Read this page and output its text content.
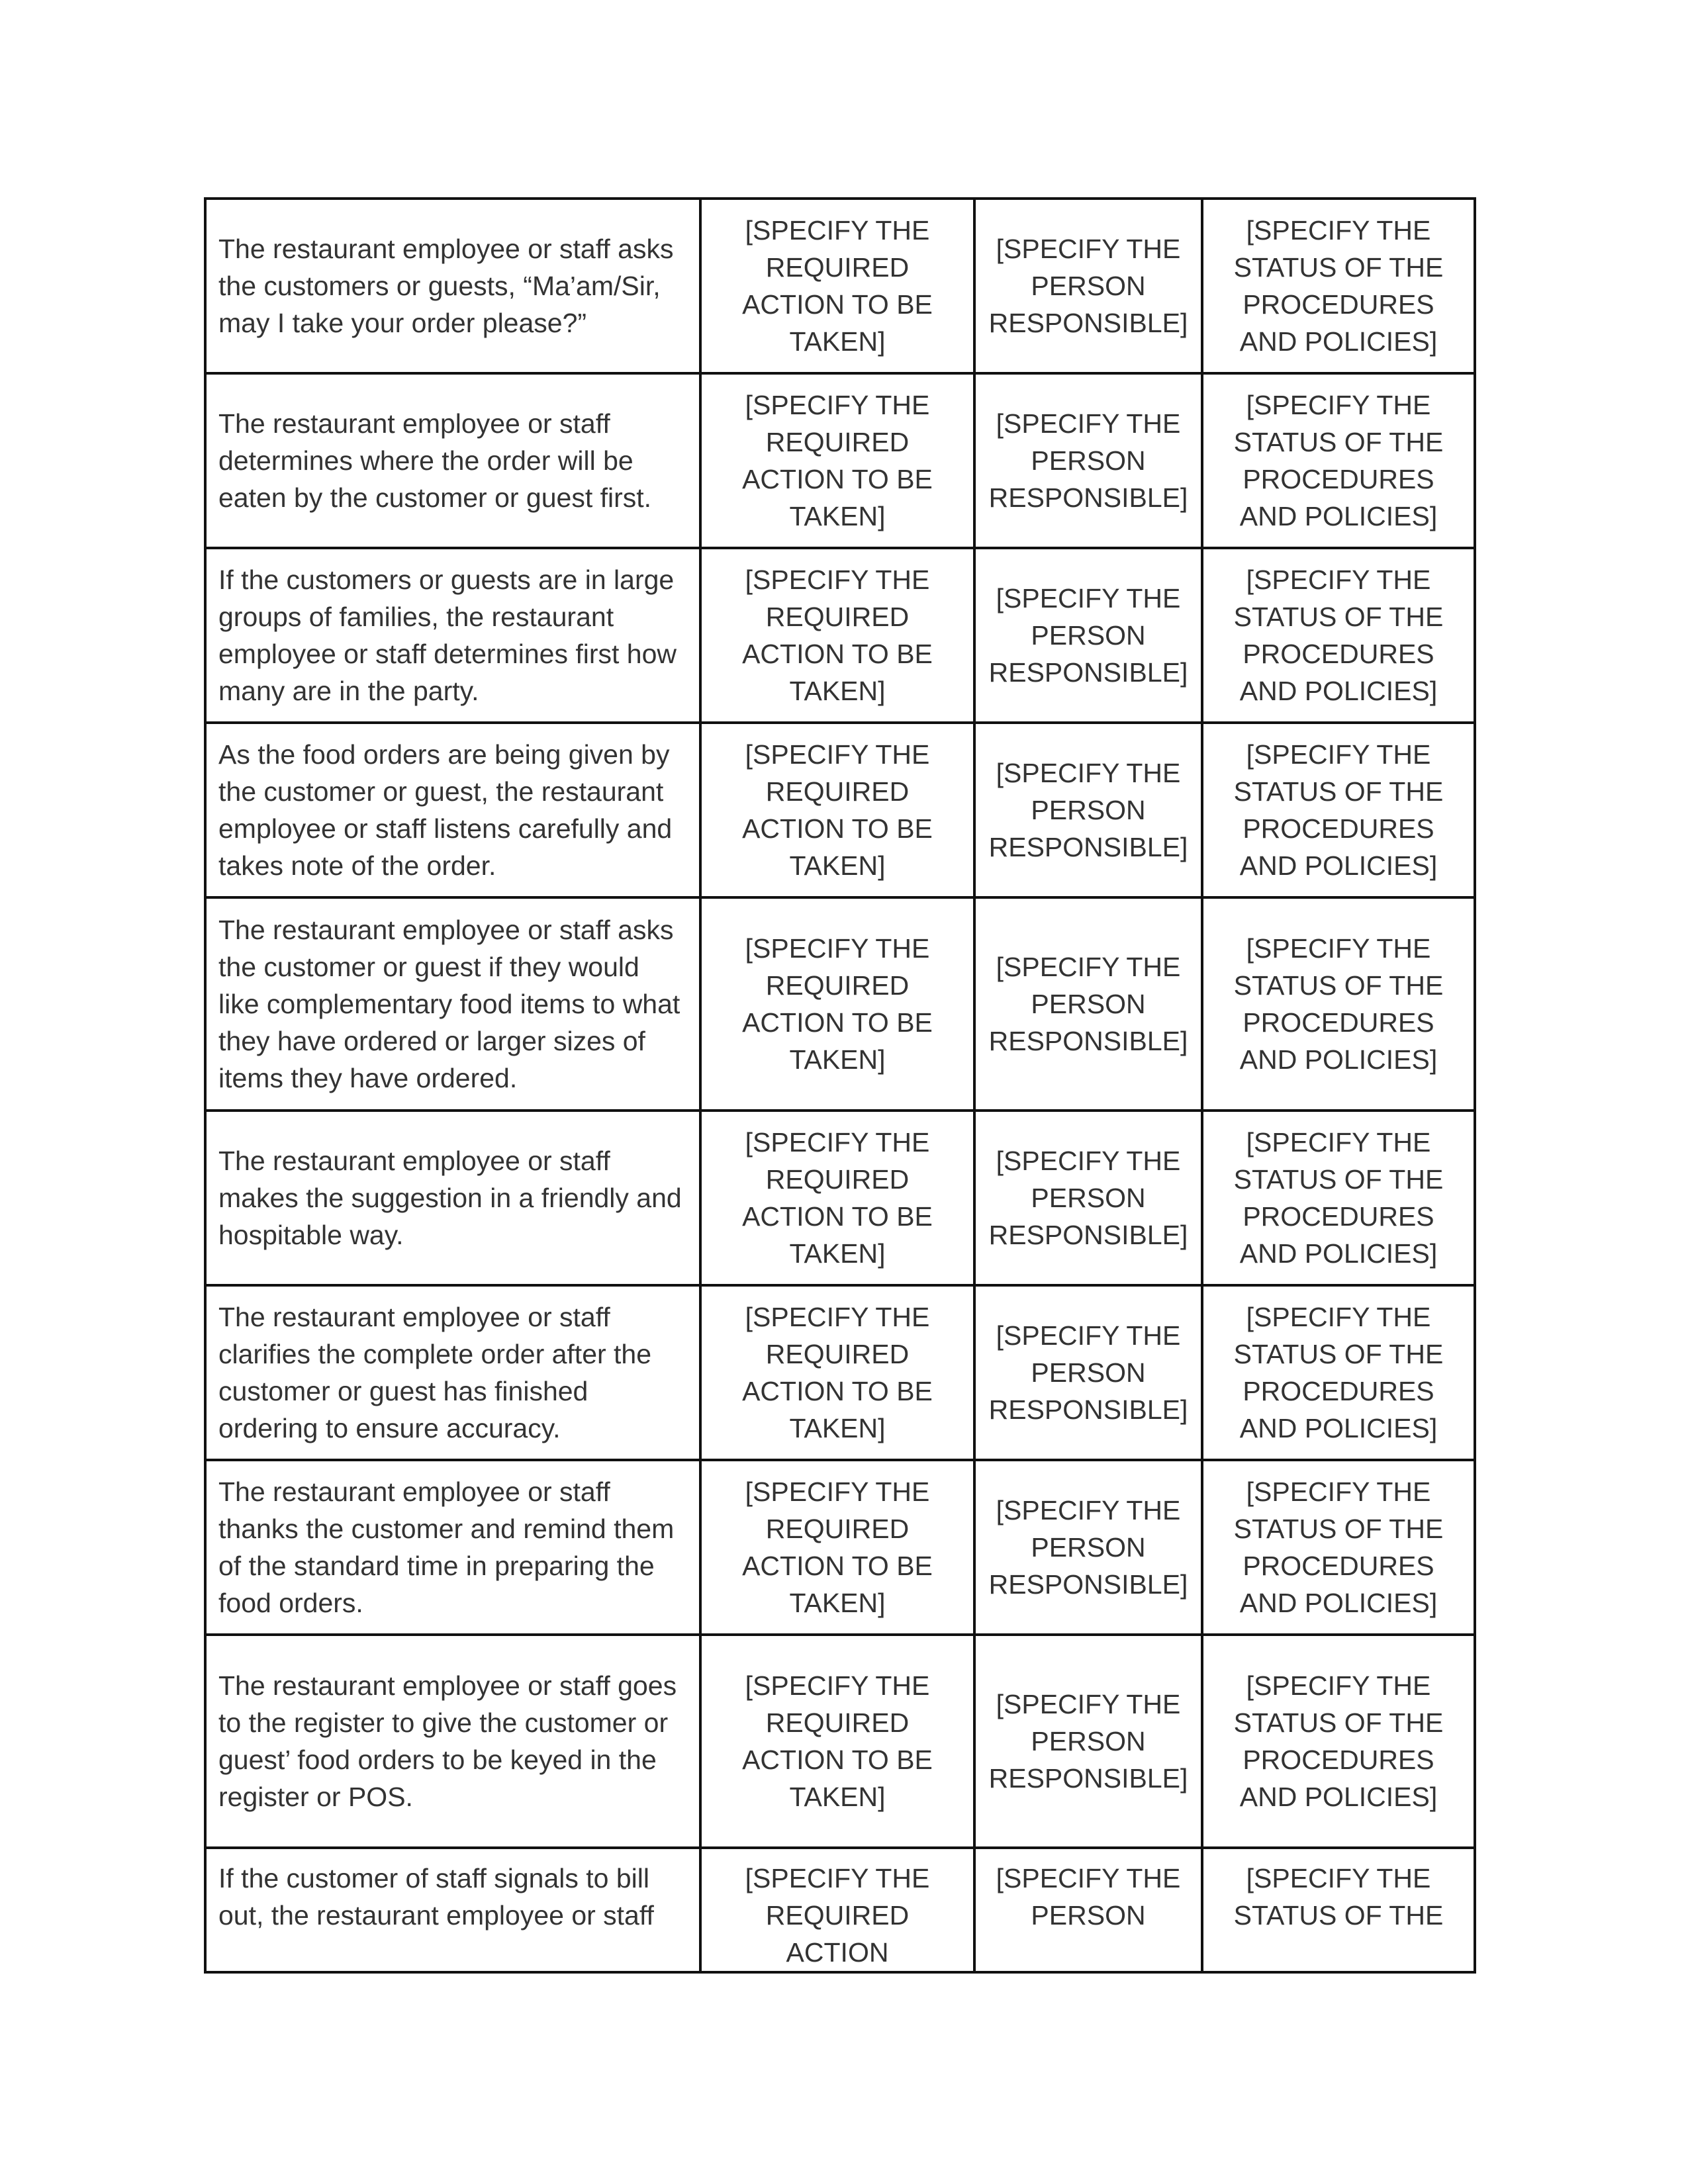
The restaurant employee or staff asks the customers or guests, “Ma’am/Sir, may I take your order please?”	[SPECIFY THE REQUIRED ACTION TO BE TAKEN]	[SPECIFY THE PERSON RESPONSIBLE]	[SPECIFY THE STATUS OF THE PROCEDURES AND POLICIES]
The restaurant employee or staff determines where the order will be eaten by the customer or guest first.	[SPECIFY THE REQUIRED ACTION TO BE TAKEN]	[SPECIFY THE PERSON RESPONSIBLE]	[SPECIFY THE STATUS OF THE PROCEDURES AND POLICIES]
If the customers or guests are in large groups of families, the restaurant employee or staff determines first how many are in the party.	[SPECIFY THE REQUIRED ACTION TO BE TAKEN]	[SPECIFY THE PERSON RESPONSIBLE]	[SPECIFY THE STATUS OF THE PROCEDURES AND POLICIES]
As the food orders are being given by the customer or guest, the restaurant employee or staff listens carefully and takes note of the order.	[SPECIFY THE REQUIRED ACTION TO BE TAKEN]	[SPECIFY THE PERSON RESPONSIBLE]	[SPECIFY THE STATUS OF THE PROCEDURES AND POLICIES]
The restaurant employee or staff asks the customer or guest if they would like complementary food items to what they have ordered or larger sizes of items they have ordered.	[SPECIFY THE REQUIRED ACTION TO BE TAKEN]	[SPECIFY THE PERSON RESPONSIBLE]	[SPECIFY THE STATUS OF THE PROCEDURES AND POLICIES]
The restaurant employee or staff makes the suggestion in a friendly and hospitable way.	[SPECIFY THE REQUIRED ACTION TO BE TAKEN]	[SPECIFY THE PERSON RESPONSIBLE]	[SPECIFY THE STATUS OF THE PROCEDURES AND POLICIES]
The restaurant employee or staff clarifies the complete order after the customer or guest has finished ordering to ensure accuracy.	[SPECIFY THE REQUIRED ACTION TO BE TAKEN]	[SPECIFY THE PERSON RESPONSIBLE]	[SPECIFY THE STATUS OF THE PROCEDURES AND POLICIES]
The restaurant employee or staff thanks the customer and remind them of the standard time in preparing the food orders.	[SPECIFY THE REQUIRED ACTION TO BE TAKEN]	[SPECIFY THE PERSON RESPONSIBLE]	[SPECIFY THE STATUS OF THE PROCEDURES AND POLICIES]
The restaurant employee or staff goes to the register to give the customer or guest’ food orders to be keyed in the register or POS.	[SPECIFY THE REQUIRED ACTION TO BE TAKEN]	[SPECIFY THE PERSON RESPONSIBLE]	[SPECIFY THE STATUS OF THE PROCEDURES AND POLICIES]
If the customer of staff signals to bill out, the restaurant employee or staff	[SPECIFY THE REQUIRED ACTION	[SPECIFY THE PERSON	[SPECIFY THE STATUS OF THE
